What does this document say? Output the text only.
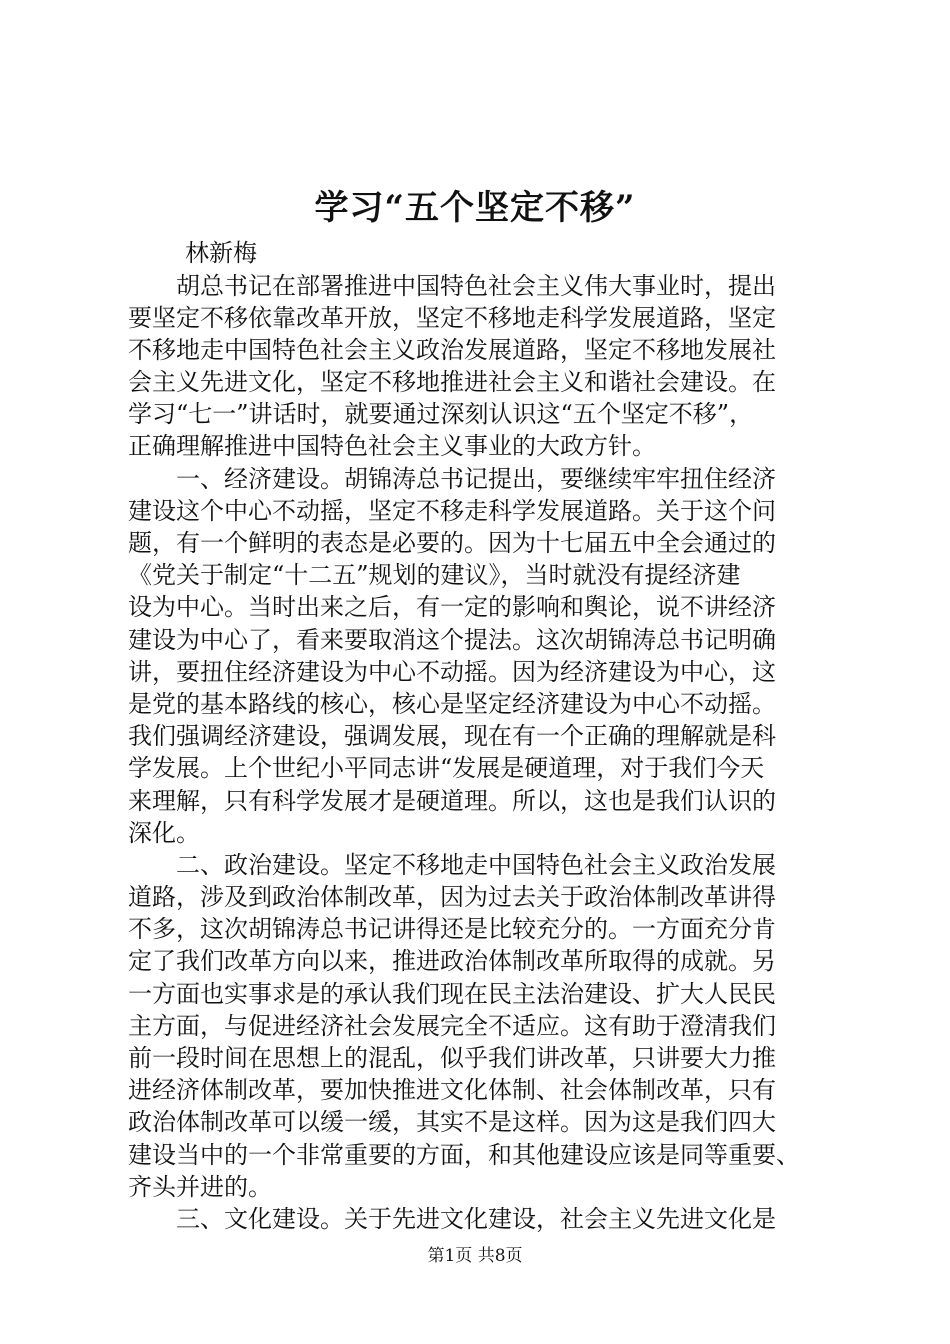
学习“五个坚定不移”
林新梅
　　胡总书记在部署推进中国特色社会主义伟大事业时，提出
要坚定不移依靠改革开放，坚定不移地走科学发展道路，坚定
不移地走中国特色社会主义政治发展道路，坚定不移地发展社
会主义先进文化，坚定不移地推进社会主义和谐社会建设。在
学习“七一”讲话时，就要通过深刻认识这“五个坚定不移”，
正确理解推进中国特色社会主义事业的大政方针。
　　一、经济建设。胡锦涛总书记提出，要继续牢牢扭住经济
建设这个中心不动摇，坚定不移走科学发展道路。关于这个问
题，有一个鲜明的表态是必要的。因为十七届五中全会通过的
《党关于制定“十二五”规划的建议》，当时就没有提经济建
设为中心。当时出来之后，有一定的影响和舆论，说不讲经济
建设为中心了，看来要取消这个提法。这次胡锦涛总书记明确
讲，要扭住经济建设为中心不动摇。因为经济建设为中心，这
是党的基本路线的核心，核心是坚定经济建设为中心不动摇。
我们强调经济建设，强调发展，现在有一个正确的理解就是科
学发展。上个世纪小平同志讲“发展是硬道理，对于我们今天
来理解，只有科学发展才是硬道理。所以，这也是我们认识的
深化。
　　二、政治建设。坚定不移地走中国特色社会主义政治发展
道路，涉及到政治体制改革，因为过去关于政治体制改革讲得
不多，这次胡锦涛总书记讲得还是比较充分的。一方面充分肯
定了我们改革方向以来，推进政治体制改革所取得的成就。另
一方面也实事求是的承认我们现在民主法治建设、扩大人民民
主方面，与促进经济社会发展完全不适应。这有助于澄清我们
前一段时间在思想上的混乱，似乎我们讲改革，只讲要大力推
进经济体制改革，要加快推进文化体制、社会体制改革，只有
政治体制改革可以缓一缓，其实不是这样。因为这是我们四大
建设当中的一个非常重要的方面，和其他建设应该是同等重要、
齐头并进的。
　　三、文化建设。关于先进文化建设，社会主义先进文化是
第1页 共8页
